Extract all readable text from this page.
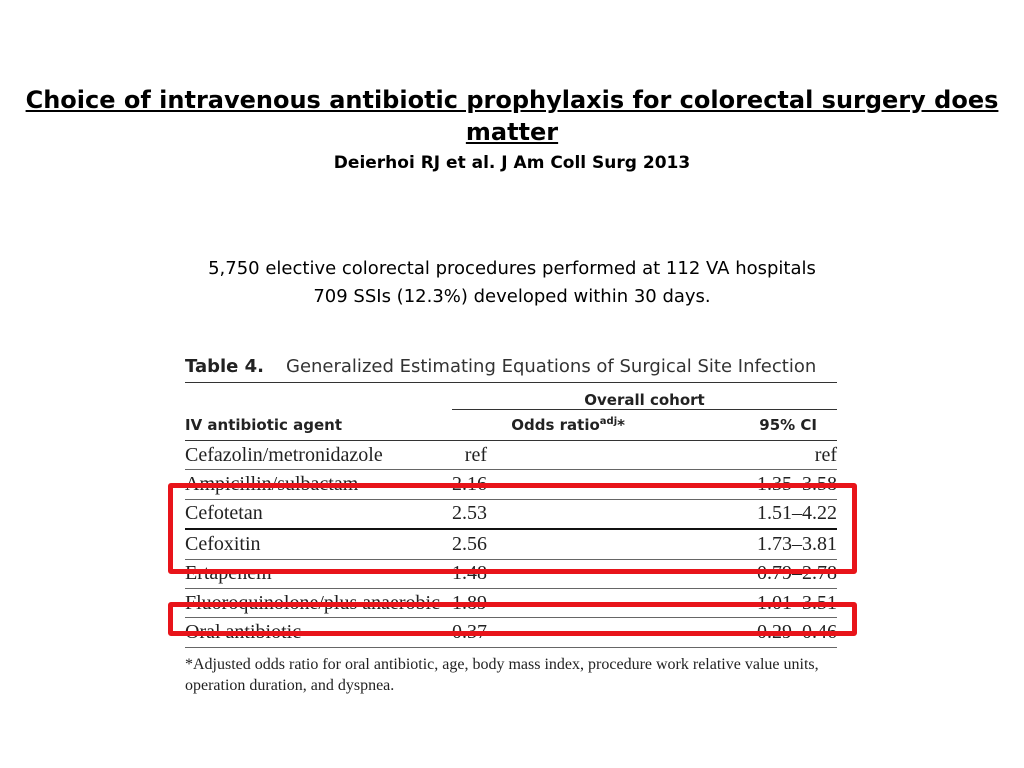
Choice of intravenous antibiotic prophylaxis for colorectal surgery does matter
Deierhoi RJ et al. J Am Coll Surg 2013
5,750 elective colorectal procedures performed at 112 VA hospitals
709 SSIs (12.3%) developed within 30 days.
Table 4. Generalized Estimating Equations of Surgical Site Infection
	Overall cohort	
IV antibiotic agent	Odds ratio$^{adj}$*	95% CI
Cefazolin/metronidazole	ref	ref
Ampicillin/sulbactam	2.16	1.35–3.58
Cefotetan	2.53	1.51–4.22
Cefoxitin	2.56	1.73–3.81
Ertapenem	1.48	0.79–2.78
Fluoroquinolone/plus anaerobic	1.89	1.01–3.51
Oral antibiotic	0.37	0.29–0.46
*Adjusted odds ratio for oral antibiotic, age, body mass index, procedure work relative value units, operation duration, and dyspnea.
